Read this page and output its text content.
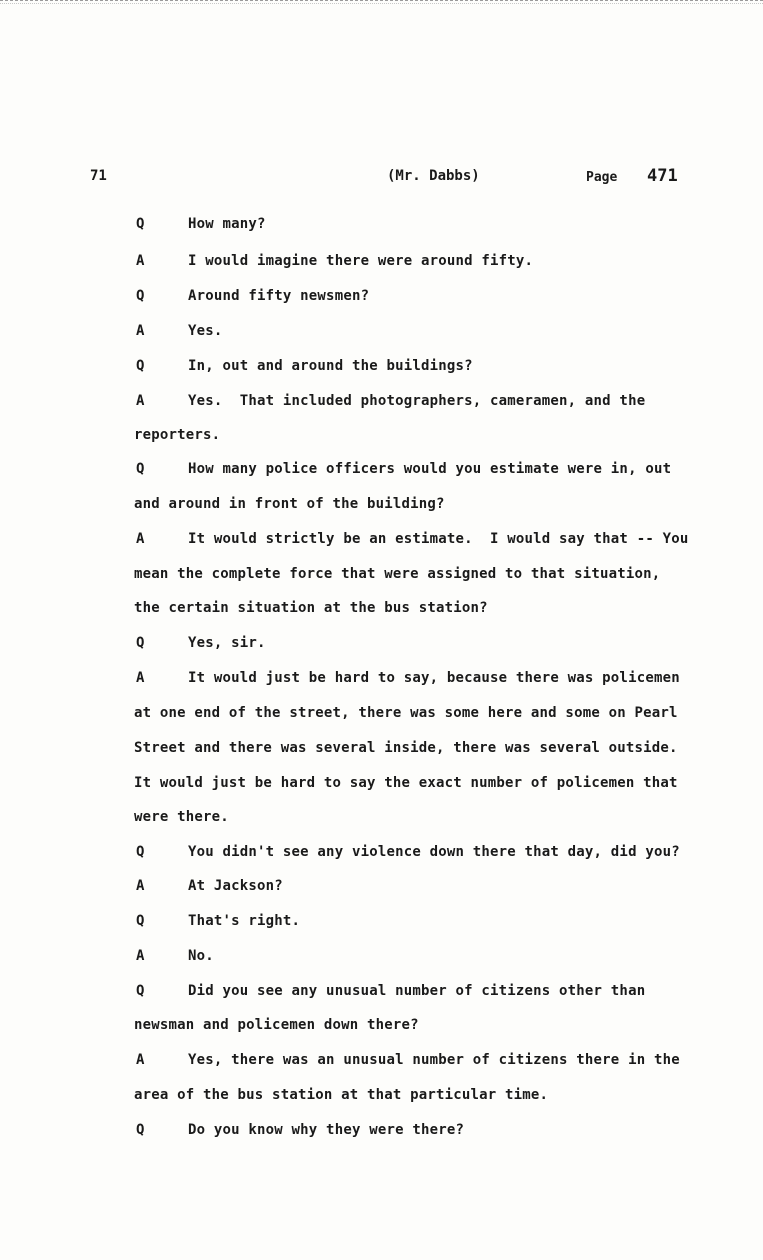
71	(Mr. Dabbs)	Page 471
Q	How many?
A	I would imagine there were around fifty.
Q	Around fifty newsmen?
A	Yes.
Q	In, out and around the buildings?
A	Yes.  That included photographers, cameramen, and the
reporters.
Q	How many police officers would you estimate were in, out
and around in front of the building?
A	It would strictly be an estimate.  I would say that -- You
mean the complete force that were assigned to that situation,
the certain situation at the bus station?
Q	Yes, sir.
A	It would just be hard to say, because there was policemen
at one end of the street, there was some here and some on Pearl
Street and there was several inside, there was several outside.
It would just be hard to say the exact number of policemen that
were there.
Q	You didn't see any violence down there that day, did you?
A	At Jackson?
Q	That's right.
A	No.
Q	Did you see any unusual number of citizens other than
newsman and policemen down there?
A	Yes, there was an unusual number of citizens there in the
area of the bus station at that particular time.
Q	Do you know why they were there?
